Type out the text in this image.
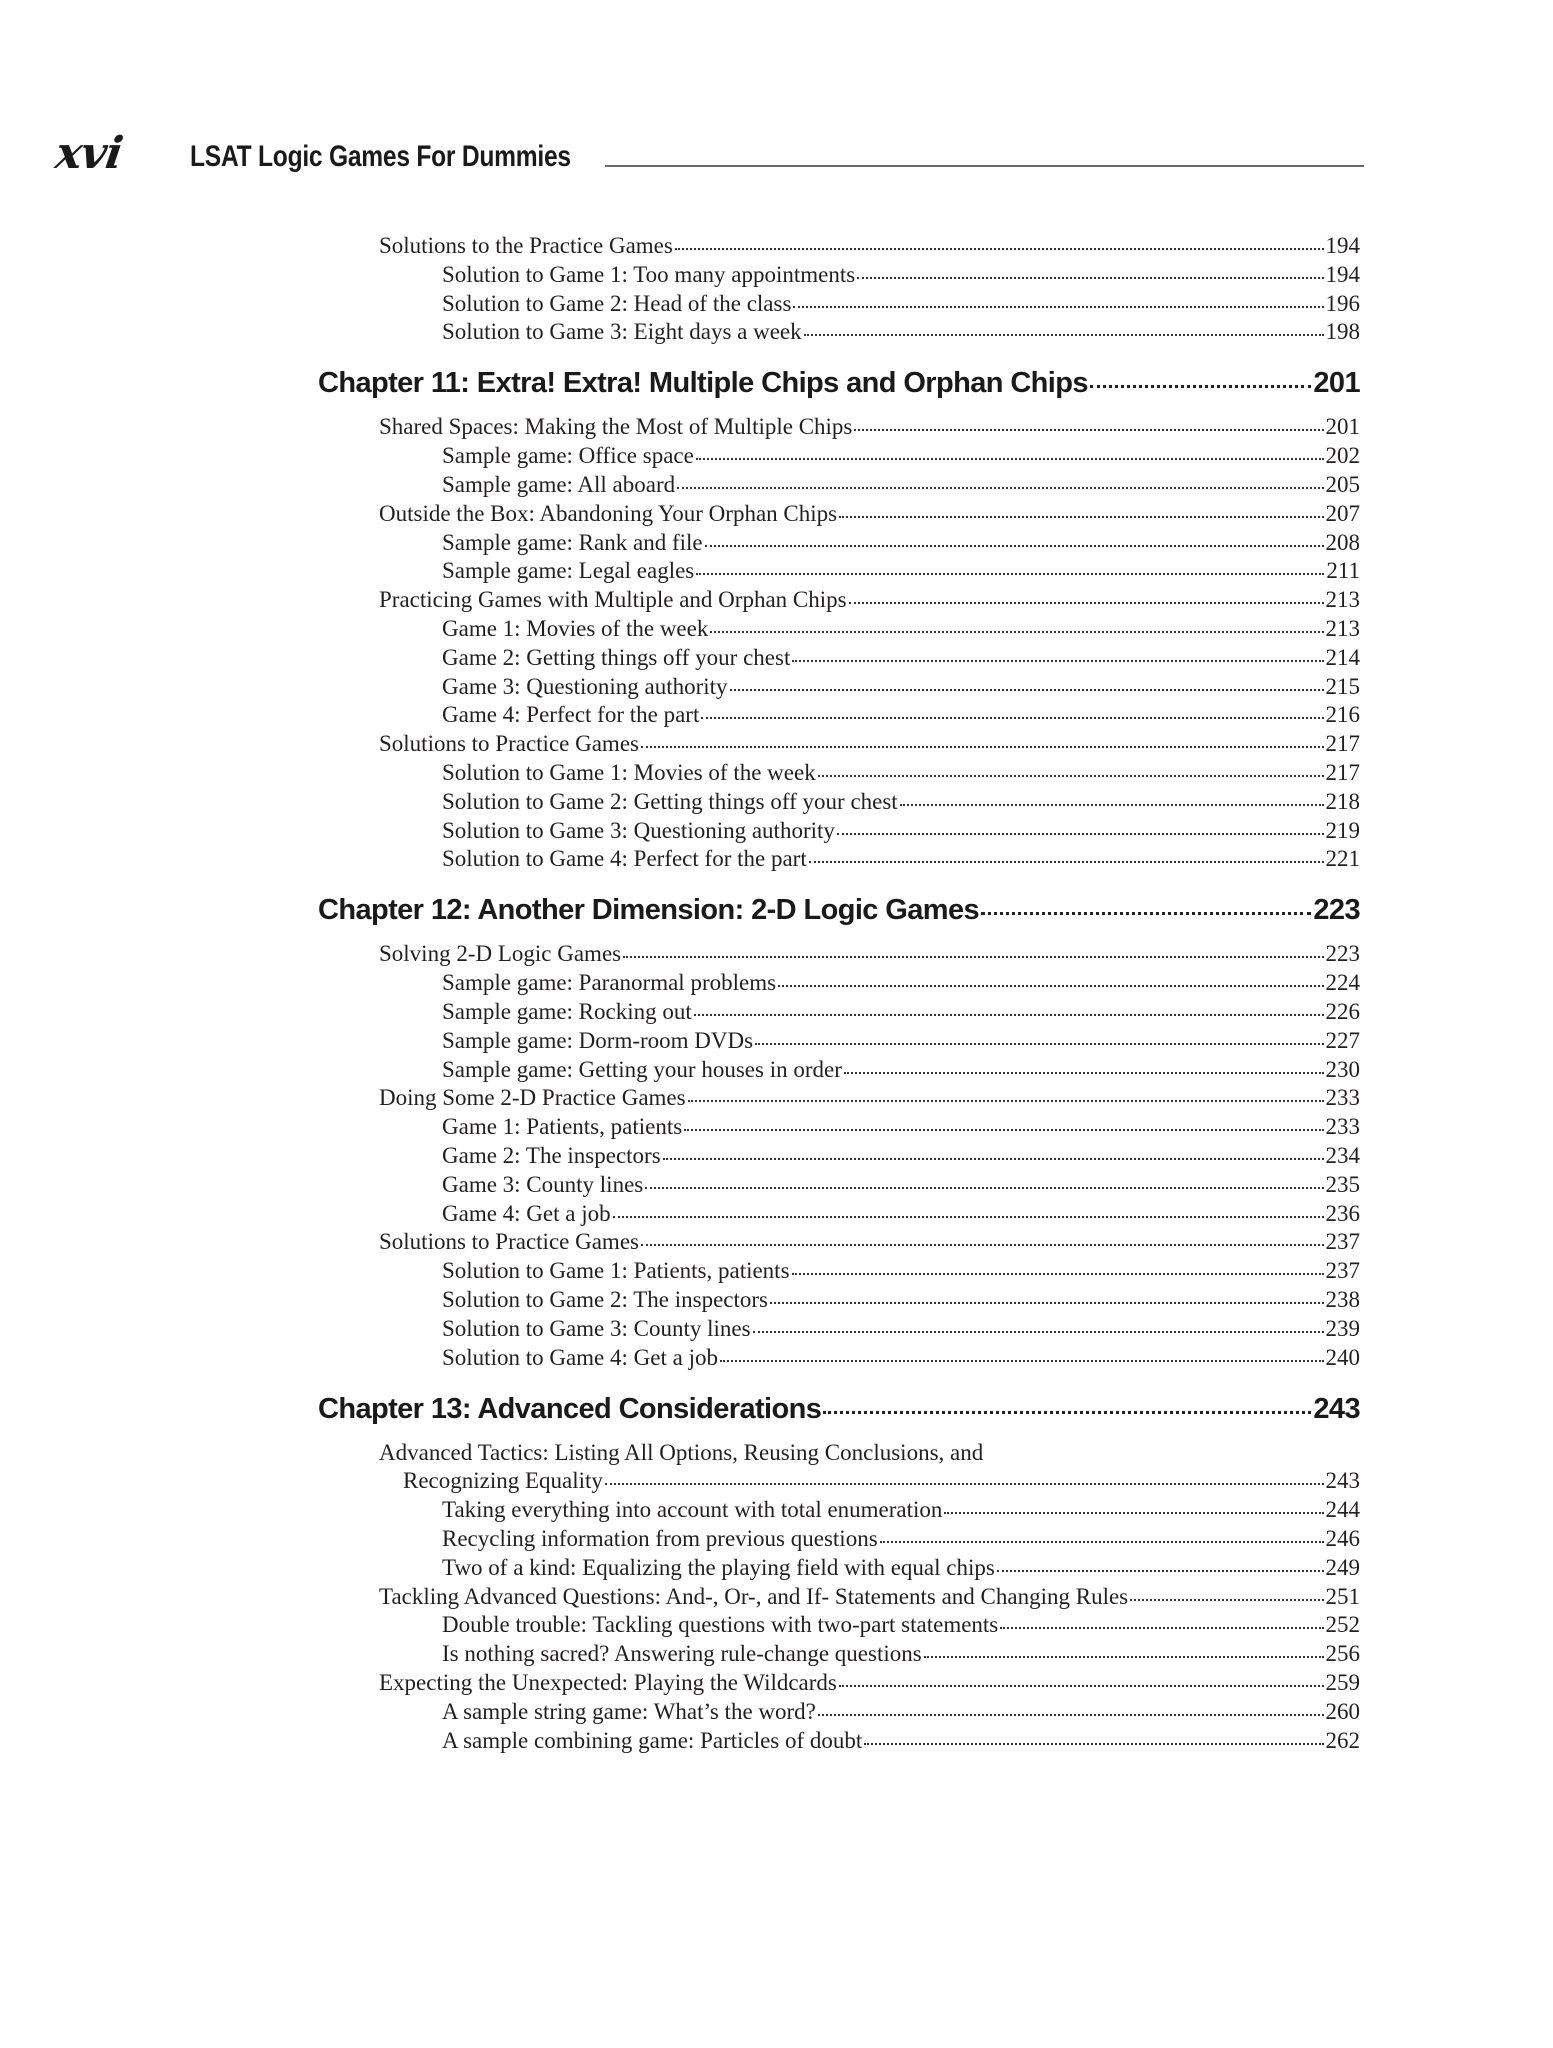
xvi LSAT Logic Games For Dummies
Solutions to the Practice Games	194
Solution to Game 1: Too many appointments	194
Solution to Game 2: Head of the class	196
Solution to Game 3: Eight days a week	198
Chapter 11: Extra! Extra! Multiple Chips and Orphan Chips	201
Shared Spaces: Making the Most of Multiple Chips	201
Sample game: Office space	202
Sample game: All aboard	205
Outside the Box: Abandoning Your Orphan Chips	207
Sample game: Rank and file	208
Sample game: Legal eagles	211
Practicing Games with Multiple and Orphan Chips	213
Game 1: Movies of the week	213
Game 2: Getting things off your chest	214
Game 3: Questioning authority	215
Game 4: Perfect for the part	216
Solutions to Practice Games	217
Solution to Game 1: Movies of the week	217
Solution to Game 2: Getting things off your chest	218
Solution to Game 3: Questioning authority	219
Solution to Game 4: Perfect for the part	221
Chapter 12: Another Dimension: 2-D Logic Games	223
Solving 2-D Logic Games	223
Sample game: Paranormal problems	224
Sample game: Rocking out	226
Sample game: Dorm-room DVDs	227
Sample game: Getting your houses in order	230
Doing Some 2-D Practice Games	233
Game 1: Patients, patients	233
Game 2: The inspectors	234
Game 3: County lines	235
Game 4: Get a job	236
Solutions to Practice Games	237
Solution to Game 1: Patients, patients	237
Solution to Game 2: The inspectors	238
Solution to Game 3: County lines	239
Solution to Game 4: Get a job	240
Chapter 13: Advanced Considerations	243
Advanced Tactics: Listing All Options, Reusing Conclusions, and
Recognizing Equality	243
Taking everything into account with total enumeration	244
Recycling information from previous questions	246
Two of a kind: Equalizing the playing field with equal chips	249
Tackling Advanced Questions: And-, Or-, and If- Statements and Changing Rules	251
Double trouble: Tackling questions with two-part statements	252
Is nothing sacred? Answering rule-change questions	256
Expecting the Unexpected: Playing the Wildcards	259
A sample string game: What’s the word?	260
A sample combining game: Particles of doubt	262
